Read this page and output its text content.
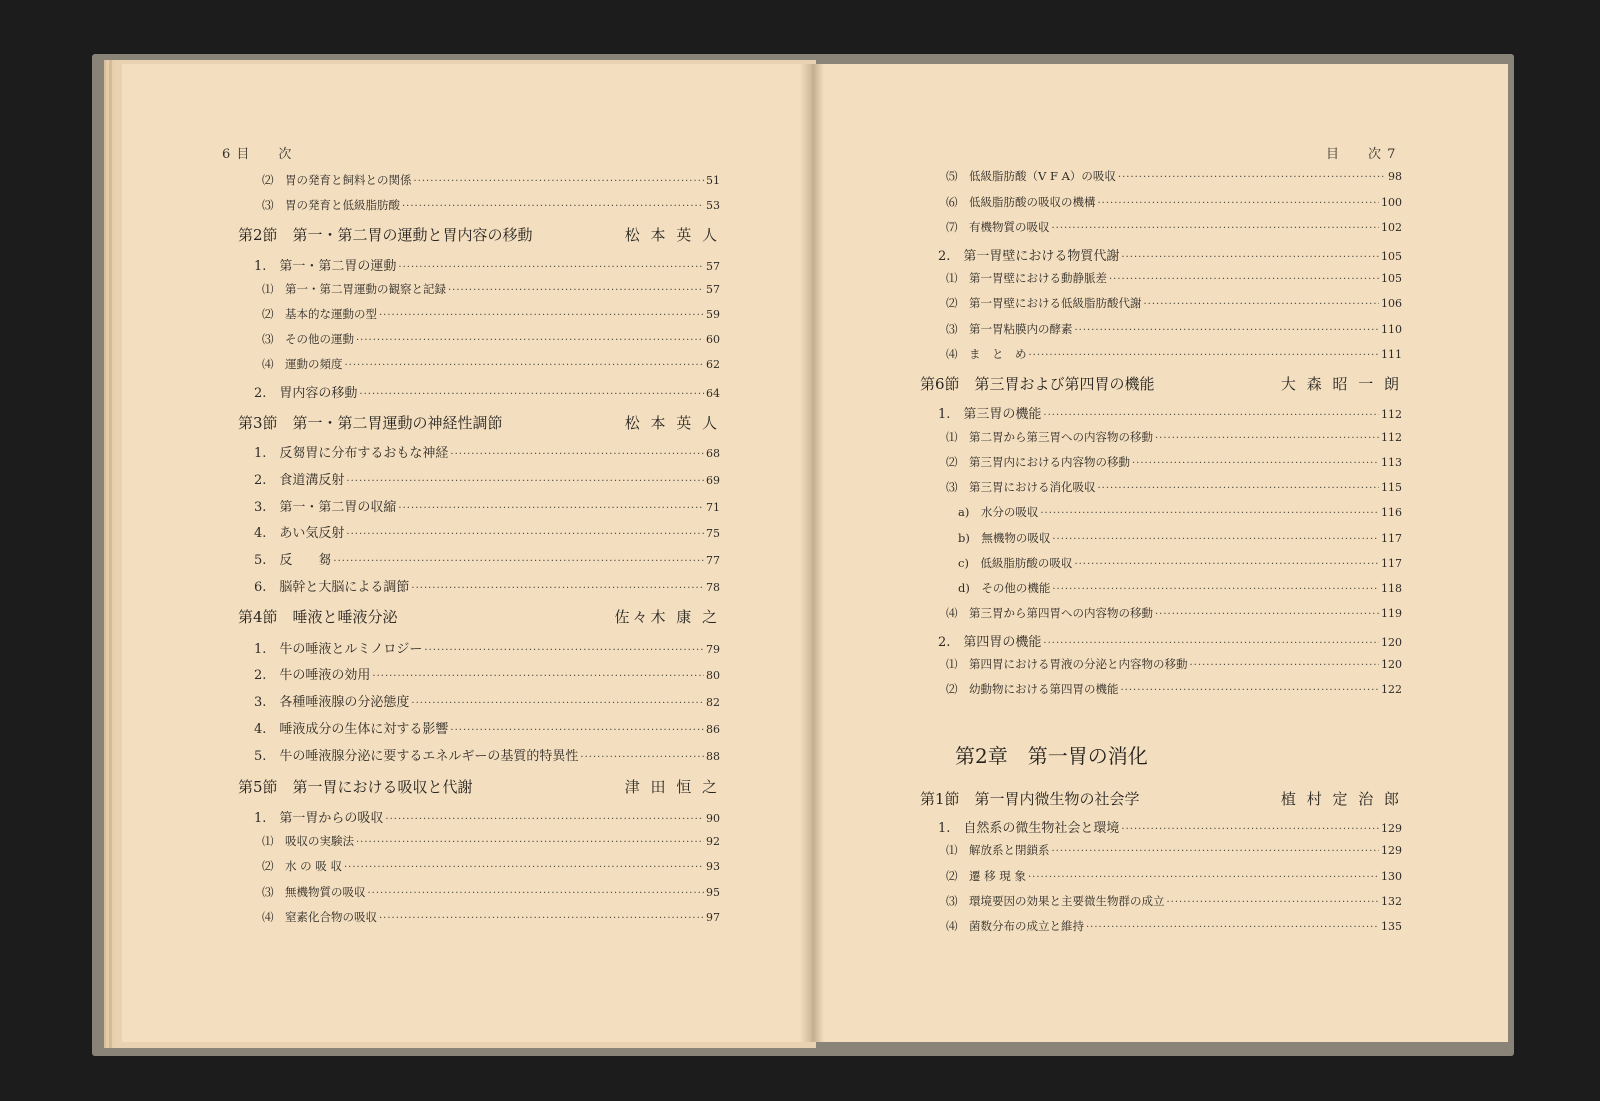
6 目　　次	目　　次 7
⑵　胃の発育と飼料との関係 ·····	51
⑶　胃の発育と低級脂肪酸 ·····	53
第2節　第一・第二胃の運動と胃内容の移動	松 本 英 人
1.　第一・第二胃の運動 ·····	57
⑴　第一・第二胃運動の観察と記録 ·····	57
⑵　基本的な運動の型 ·····	59
⑶　その他の運動 ·····	60
⑷　運動の頻度 ·····	62
2.　胃内容の移動 ·····	64
第3節　第一・第二胃運動の神経性調節	松 本 英 人
1.　反芻胃に分布するおもな神経 ·····	68
2.　食道溝反射 ·····	69
3.　第一・第二胃の収縮 ·····	71
4.　あい気反射 ·····	75
5.　反　　芻 ·····	77
6.　脳幹と大脳による調節 ·····	78
第4節　唾液と唾液分泌	佐々木 康 之
1.　牛の唾液とルミノロジー ·····	79
2.　牛の唾液の効用 ·····	80
3.　各種唾液腺の分泌態度 ·····	82
4.　唾液成分の生体に対する影響 ·····	86
5.　牛の唾液腺分泌に要するエネルギーの基質的特異性 ·····	88
第5節　第一胃における吸収と代謝	津 田 恒 之
1.　第一胃からの吸収 ·····	90
⑴　吸収の実験法 ·····	92
⑵　水 の 吸 収 ·····	93
⑶　無機物質の吸収 ·····	95
⑷　窒素化合物の吸収 ·····	97
⑸　低級脂肪酸（V F A）の吸収 ·····	98
⑹　低級脂肪酸の吸収の機構 ·····	100
⑺　有機物質の吸収 ·····	102
2.　第一胃壁における物質代謝 ·····	105
⑴　第一胃壁における動静脈差 ·····	105
⑵　第一胃壁における低級脂肪酸代謝 ·····	106
⑶　第一胃粘膜内の酵素 ·····	110
⑷　ま　と　め ·····	111
第6節　第三胃および第四胃の機能	大 森 昭 一 朗
1.　第三胃の機能 ·····	112
⑴　第二胃から第三胃への内容物の移動 ·····	112
⑵　第三胃内における内容物の移動 ·····	113
⑶　第三胃における消化吸収 ·····	115
a)　水分の吸収 ·····	116
b)　無機物の吸収 ·····	117
c)　低級脂肪酸の吸収 ·····	117
d)　その他の機能 ·····	118
⑷　第三胃から第四胃への内容物の移動 ·····	119
2.　第四胃の機能 ·····	120
⑴　第四胃における胃液の分泌と内容物の移動 ·····	120
⑵　幼動物における第四胃の機能 ·····	122
第2章　第一胃の消化
第1節　第一胃内微生物の社会学	植 村 定 治 郎
1.　自然系の微生物社会と環境 ·····	129
⑴　解放系と閉鎖系 ·····	129
⑵　遷 移 現 象 ·····	130
⑶　環境要因の効果と主要微生物群の成立 ·····	132
⑷　菌数分布の成立と維持 ·····	135
